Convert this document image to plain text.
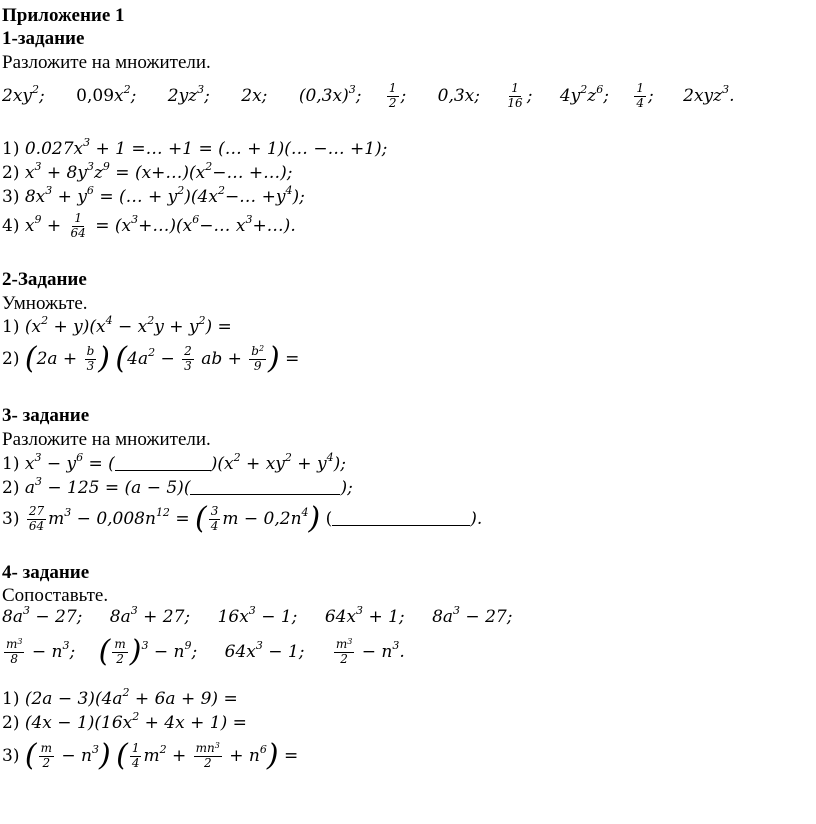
Приложение 1
1-задание
Разложите на множители.
$2xy^2$; $0,09x^2$; $2yz^3$; 2x; $(0,3x)^3$; $\frac{1}{2}$ ; 0,3x; $\frac{1}{16}$ ; $4y^2z^6$; $\frac{1}{4}$ ; 2xyz$^3$.
1) $0.027x^3 + 1$ =… +1 = (… + 1)(… −… +1);
2) $x^3 + 8y^3z^9$ = $(x+\dots)(x^2-\dots$ +…);
3) $8x^3 + y^6$ = (… + $y^2)(4x^2-\dots +y^4)$;
4) $x^9 + \frac{1}{64}$ = $(x^3+\dots)(x^6-\dots$ $x^3+\dots$).
2-Задание
Умножьте.
1) $(x^2 + y)(x^4 - x^2y + y^2)$ =
2) ($2a + \frac{b}{3}$ ) ($4a^2 - \frac{2}{3}$ ab + $\frac{b^2}{9}$ ) =
3- задание
Разложите на множители.
1) $x^3 - y^6$ = (	)$(x^2 + xy^2 + y^4)$;
2) $a^3 - 125 = (a - 5)$(	);
$3) \frac{27}{64} m^3 - 0,008n^{12}$ = ( $\frac{3}{4}$ $m - 0,2n^4$) (	).
4- задание
Сопоставьте.
$8a^3 - 27$; $8a^3 + 27$; $16x^3 - 1$; $64x^3 + 1$; $8a^3 - 27$;
$\frac{m^3}{8} - n^3$; ( $\frac{m}{2} )^3 - n^9$; $64x^3 - 1$; $\frac{m^3}{2} - n^3$.
1) $(2a - 3)(4a^2 + 6a + 9)$ =
2) $(4x - 1)(16x^2 + 4x + 1)$ =
3) ( $\frac{m}{2} - n^3$) ( $\frac{1}{4} m^2 + \frac{mn^3}{2} + n^6$) =
